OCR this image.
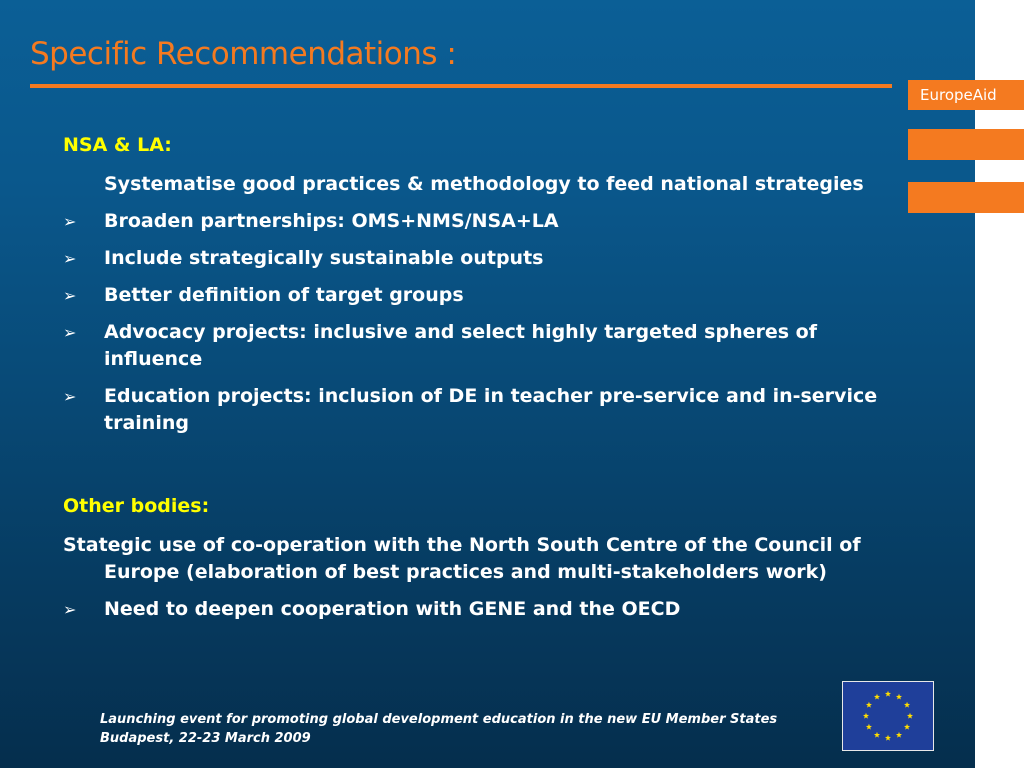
Specific Recommendations :
EuropeAid
NSA & LA:
Systematise good practices & methodology to feed national strategies
➢	Broaden partnerships: OMS+NMS/NSA+LA
➢	Include strategically sustainable outputs
➢	Better definition of target groups
➢	Advocacy projects: inclusive and select highly targeted spheres of influence
➢	Education projects: inclusion of DE in teacher pre-service and in-service training
Other bodies:
Stategic use of co-operation with the North South Centre of the Council of Europe (elaboration of best practices and multi-stakeholders work)
➢	Need to deepen cooperation with GENE and the OECD
Launching event for promoting global development education in the new EU Member States
Budapest, 22-23 March 2009
